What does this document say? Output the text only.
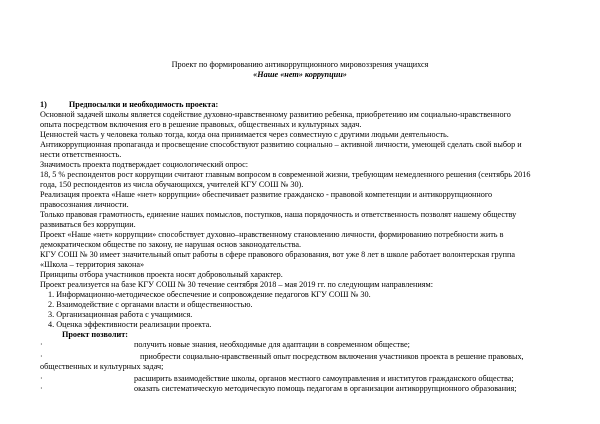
Проект по формированию антикоррупционного мировоззрения учащихся
«Наше «нет» коррупции»
1)	Предпосылки и необходимость проекта:
Основной задачей школы является содействие духовно-нравственному развитию ребенка, приобретению им социально-нравственного
опыта посредством включения его в решение правовых, общественных и культурных задач.
Ценностей часть у человека только тогда, когда она принимается через совместную с другими людьми деятельность.
Антикоррупционная пропаганда и просвещение способствуют развитию социально – активной личности, умеющей сделать свой выбор и
нести ответственность.
Значимость проекта подтверждает социологический опрос:
18, 5 % респондентов рост коррупции считают главным вопросом в современной жизни, требующим немедленного решения (сентябрь 2016
года, 150 респондентов из числа обучающихся, учителей КГУ СОШ № 30).
Реализация проекта «Наше «нет» коррупции» обеспечивает развитие гражданско - правовой компетенции и антикоррупционного
правосознания личности.
Только правовая грамотность, единение наших помыслов, поступков, наша порядочность и ответственность позволят нашему обществу
развиваться без коррупции.
Проект «Наше «нет» коррупции» способствует духовно–нравственному становлению личности, формированию потребности жить в
демократическом обществе по закону, не нарушая основ законодательства.
КГУ СОШ № 30 имеет значительный опыт работы в сфере правового образования, вот уже 8 лет в школе работает волонтерская группа
«Школа – территория закона»
Принципы отбора участников проекта носят добровольный характер.
Проект реализуется на базе КГУ СОШ № 30 течение сентября 2018 – мая 2019 гг. по следующим направлениям:
1. Информационно-методическое обеспечение и сопровождение педагогов КГУ СОШ № 30.
2. Взаимодействие с органами власти и общественностью.
3. Организационная работа с учащимися.
4. Оценка эффективности реализации проекта.
Проект позволит:
·	получить новые знания, необходимые для адаптации в современном обществе;
·	приобрести социально-нравственный опыт посредством включения участников проекта в решение правовых,
общественных и культурных задач;
·	расширить взаимодействие школы, органов местного самоуправления и институтов гражданского общества;
·	оказать систематическую методическую помощь педагогам в организации антикоррупционного образования;
